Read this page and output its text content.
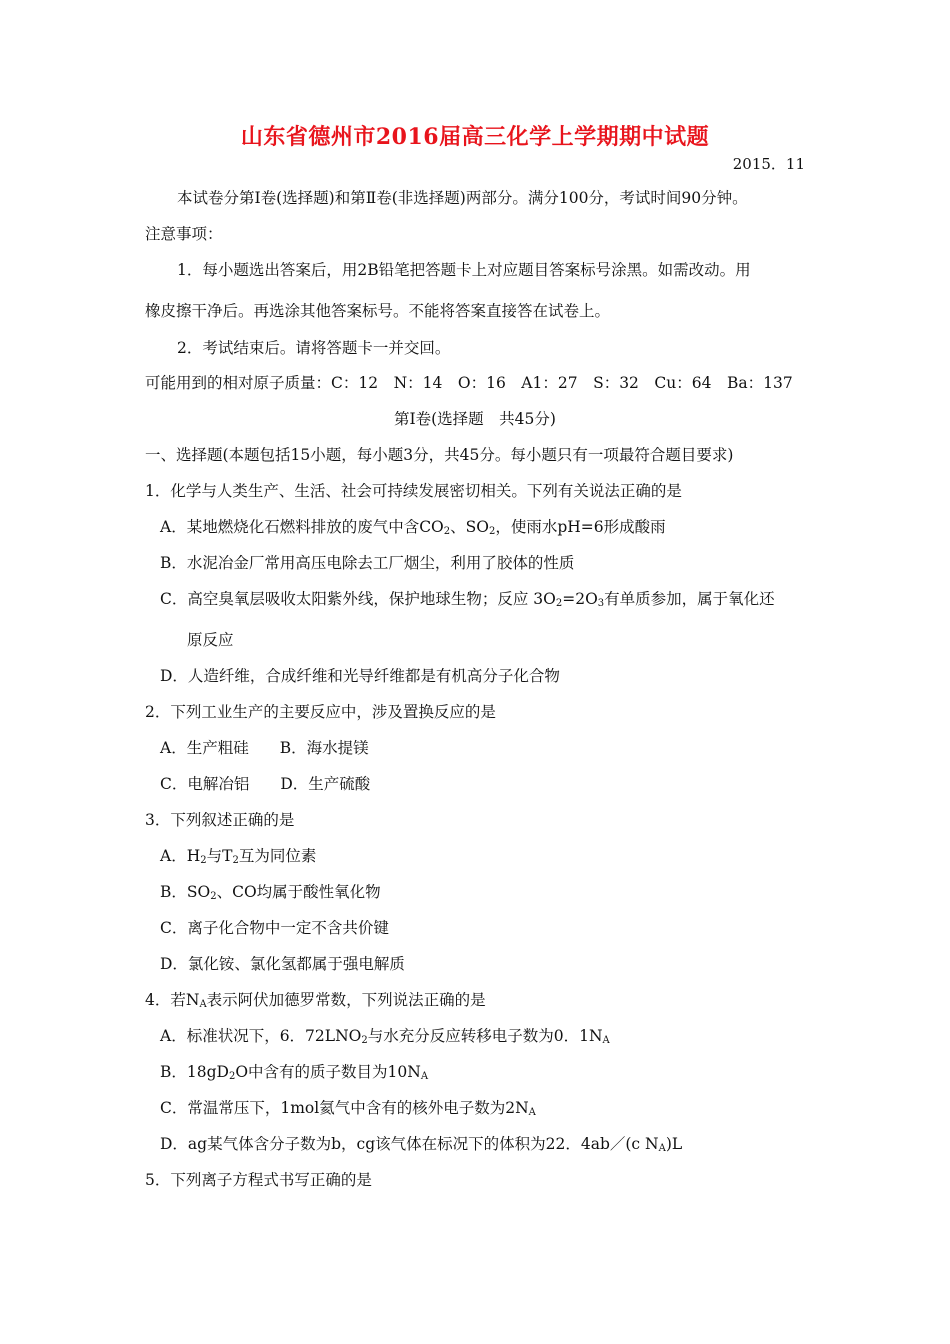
山东省德州市2016届高三化学上学期期中试题
2015．11
本试卷分第Ⅰ卷(选择题)和第Ⅱ卷(非选择题)两部分。满分100分，考试时间90分钟。
注意事项：
1．每小题选出答案后，用2B铅笔把答题卡上对应题目答案标号涂黑。如需改动。用
橡皮擦干净后。再选涂其他答案标号。不能将答案直接答在试卷上。
2．考试结束后。请将答题卡一并交回。
可能用到的相对原子质量：C：12　N：14　O：16　A1：27　S：32　Cu：64　Ba：137
第Ⅰ卷(选择题　共45分)
一、选择题(本题包括15小题，每小题3分，共45分。每小题只有一项最符合题目要求)
1．化学与人类生产、生活、社会可持续发展密切相关。下列有关说法正确的是
A．某地燃烧化石燃料排放的废气中含$CO_2$、$SO_2$，使雨水pH=6形成酸雨
B．水泥冶金厂常用高压电除去工厂烟尘，利用了胶体的性质
C．高空臭氧层吸收太阳紫外线，保护地球生物；反应 $3O_2=2O_3$有单质参加，属于氧化还
原反应
D．人造纤维，合成纤维和光导纤维都是有机高分子化合物
2．下列工业生产的主要反应中，涉及置换反应的是
A．生产粗硅　　B．海水提镁
C．电解冶铝　　D．生产硫酸
3．下列叙述正确的是
A．$H_2$与$T_2$互为同位素
B．$SO_2$、CO均属于酸性氧化物
C．离子化合物中一定不含共价键
D．氯化铵、氯化氢都属于强电解质
4．若$N_A$表示阿伏加德罗常数，下列说法正确的是
A．标准状况下，6．$72LNO_2$与水充分反应转移电子数为0．$1N_A$
B．$18gD_2O$中含有的质子数目为$10N_A$
C．常温常压下，1mol氦气中含有的核外电子数为$2N_A$
D．ag某气体含分子数为b，cg该气体在标况下的体积为22．4ab／(c $N_A)L$
5．下列离子方程式书写正确的是
